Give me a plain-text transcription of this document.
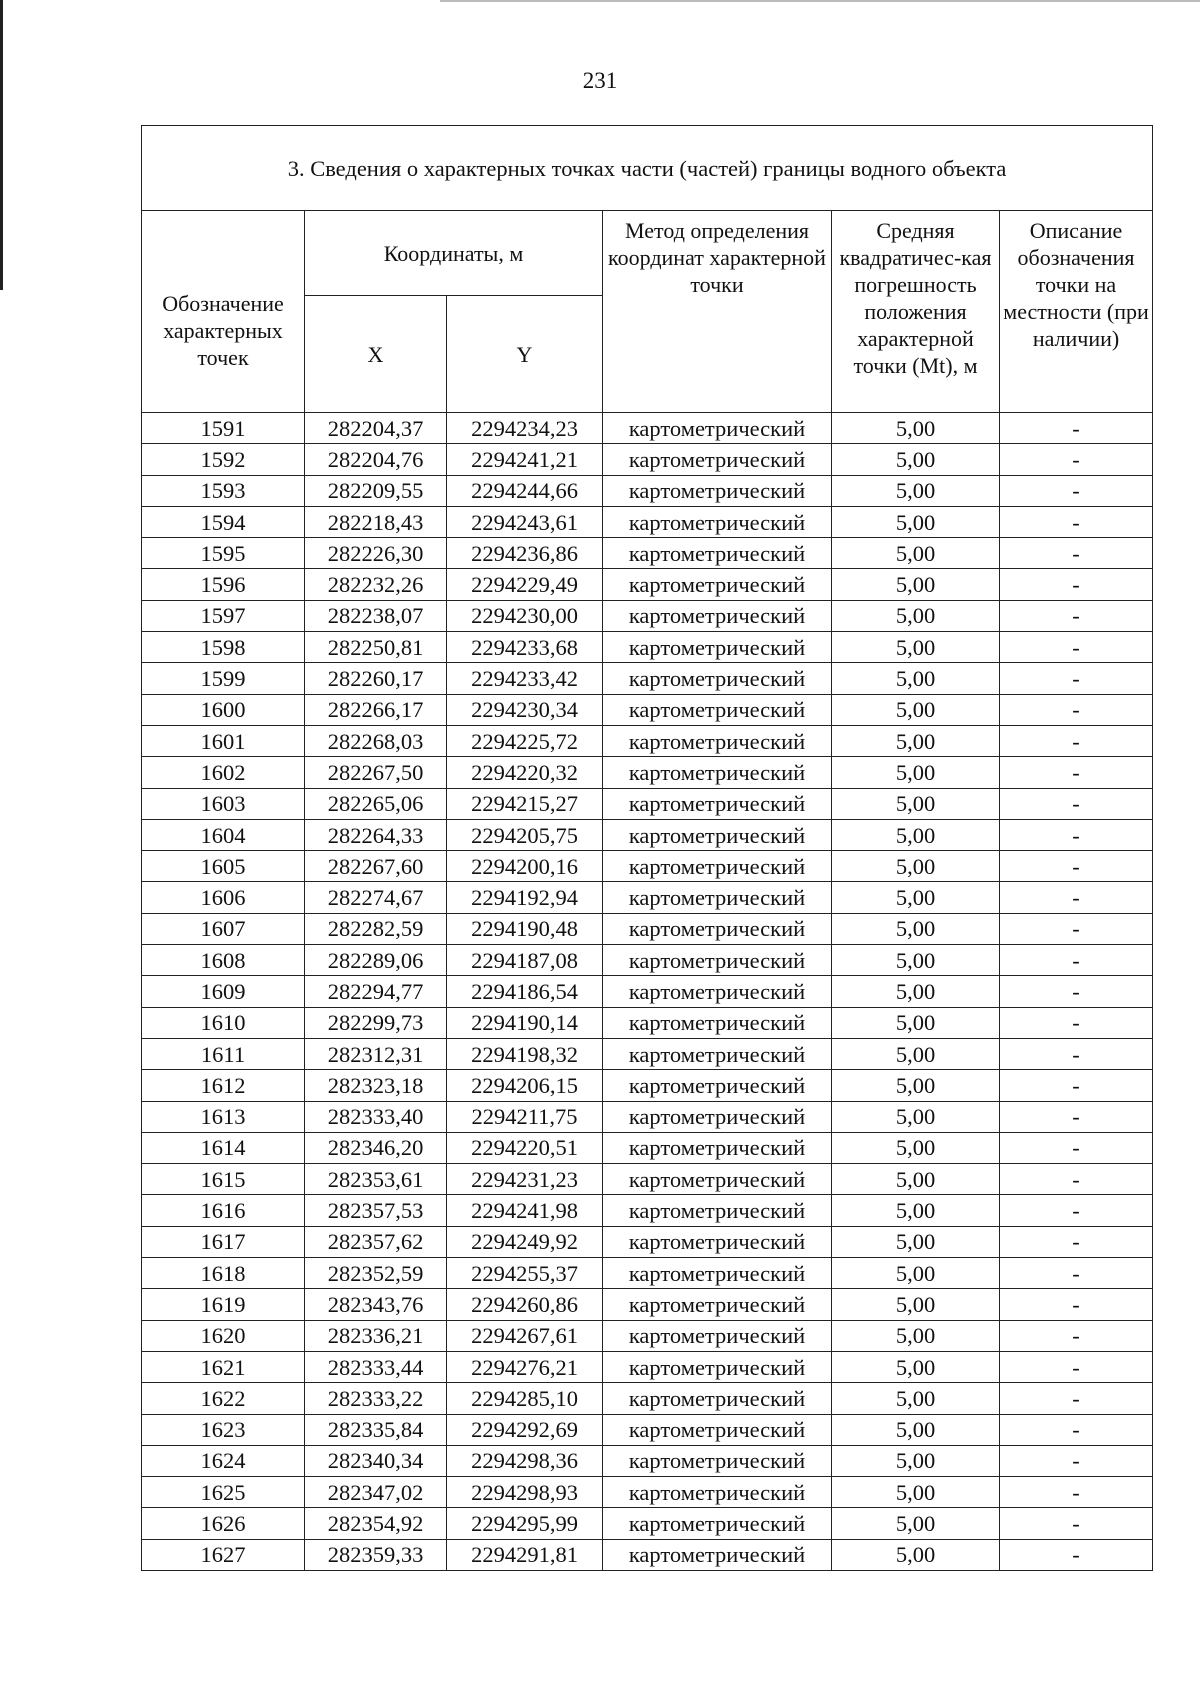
231
3. Сведения о характерных точках части (частей) границы водного объекта					
Обозначение характерных точек	Координаты, м		Метод определения координат характерной точки	Средняя квадратичес-кая погрешность положения характерной точки (Mt), м	Описание обозначения точки на местности (при наличии)
	X	Y			
1591	282204,37	2294234,23	картометрический	5,00	-
1592	282204,76	2294241,21	картометрический	5,00	-
1593	282209,55	2294244,66	картометрический	5,00	-
1594	282218,43	2294243,61	картометрический	5,00	-
1595	282226,30	2294236,86	картометрический	5,00	-
1596	282232,26	2294229,49	картометрический	5,00	-
1597	282238,07	2294230,00	картометрический	5,00	-
1598	282250,81	2294233,68	картометрический	5,00	-
1599	282260,17	2294233,42	картометрический	5,00	-
1600	282266,17	2294230,34	картометрический	5,00	-
1601	282268,03	2294225,72	картометрический	5,00	-
1602	282267,50	2294220,32	картометрический	5,00	-
1603	282265,06	2294215,27	картометрический	5,00	-
1604	282264,33	2294205,75	картометрический	5,00	-
1605	282267,60	2294200,16	картометрический	5,00	-
1606	282274,67	2294192,94	картометрический	5,00	-
1607	282282,59	2294190,48	картометрический	5,00	-
1608	282289,06	2294187,08	картометрический	5,00	-
1609	282294,77	2294186,54	картометрический	5,00	-
1610	282299,73	2294190,14	картометрический	5,00	-
1611	282312,31	2294198,32	картометрический	5,00	-
1612	282323,18	2294206,15	картометрический	5,00	-
1613	282333,40	2294211,75	картометрический	5,00	-
1614	282346,20	2294220,51	картометрический	5,00	-
1615	282353,61	2294231,23	картометрический	5,00	-
1616	282357,53	2294241,98	картометрический	5,00	-
1617	282357,62	2294249,92	картометрический	5,00	-
1618	282352,59	2294255,37	картометрический	5,00	-
1619	282343,76	2294260,86	картометрический	5,00	-
1620	282336,21	2294267,61	картометрический	5,00	-
1621	282333,44	2294276,21	картометрический	5,00	-
1622	282333,22	2294285,10	картометрический	5,00	-
1623	282335,84	2294292,69	картометрический	5,00	-
1624	282340,34	2294298,36	картометрический	5,00	-
1625	282347,02	2294298,93	картометрический	5,00	-
1626	282354,92	2294295,99	картометрический	5,00	-
1627	282359,33	2294291,81	картометрический	5,00	-
